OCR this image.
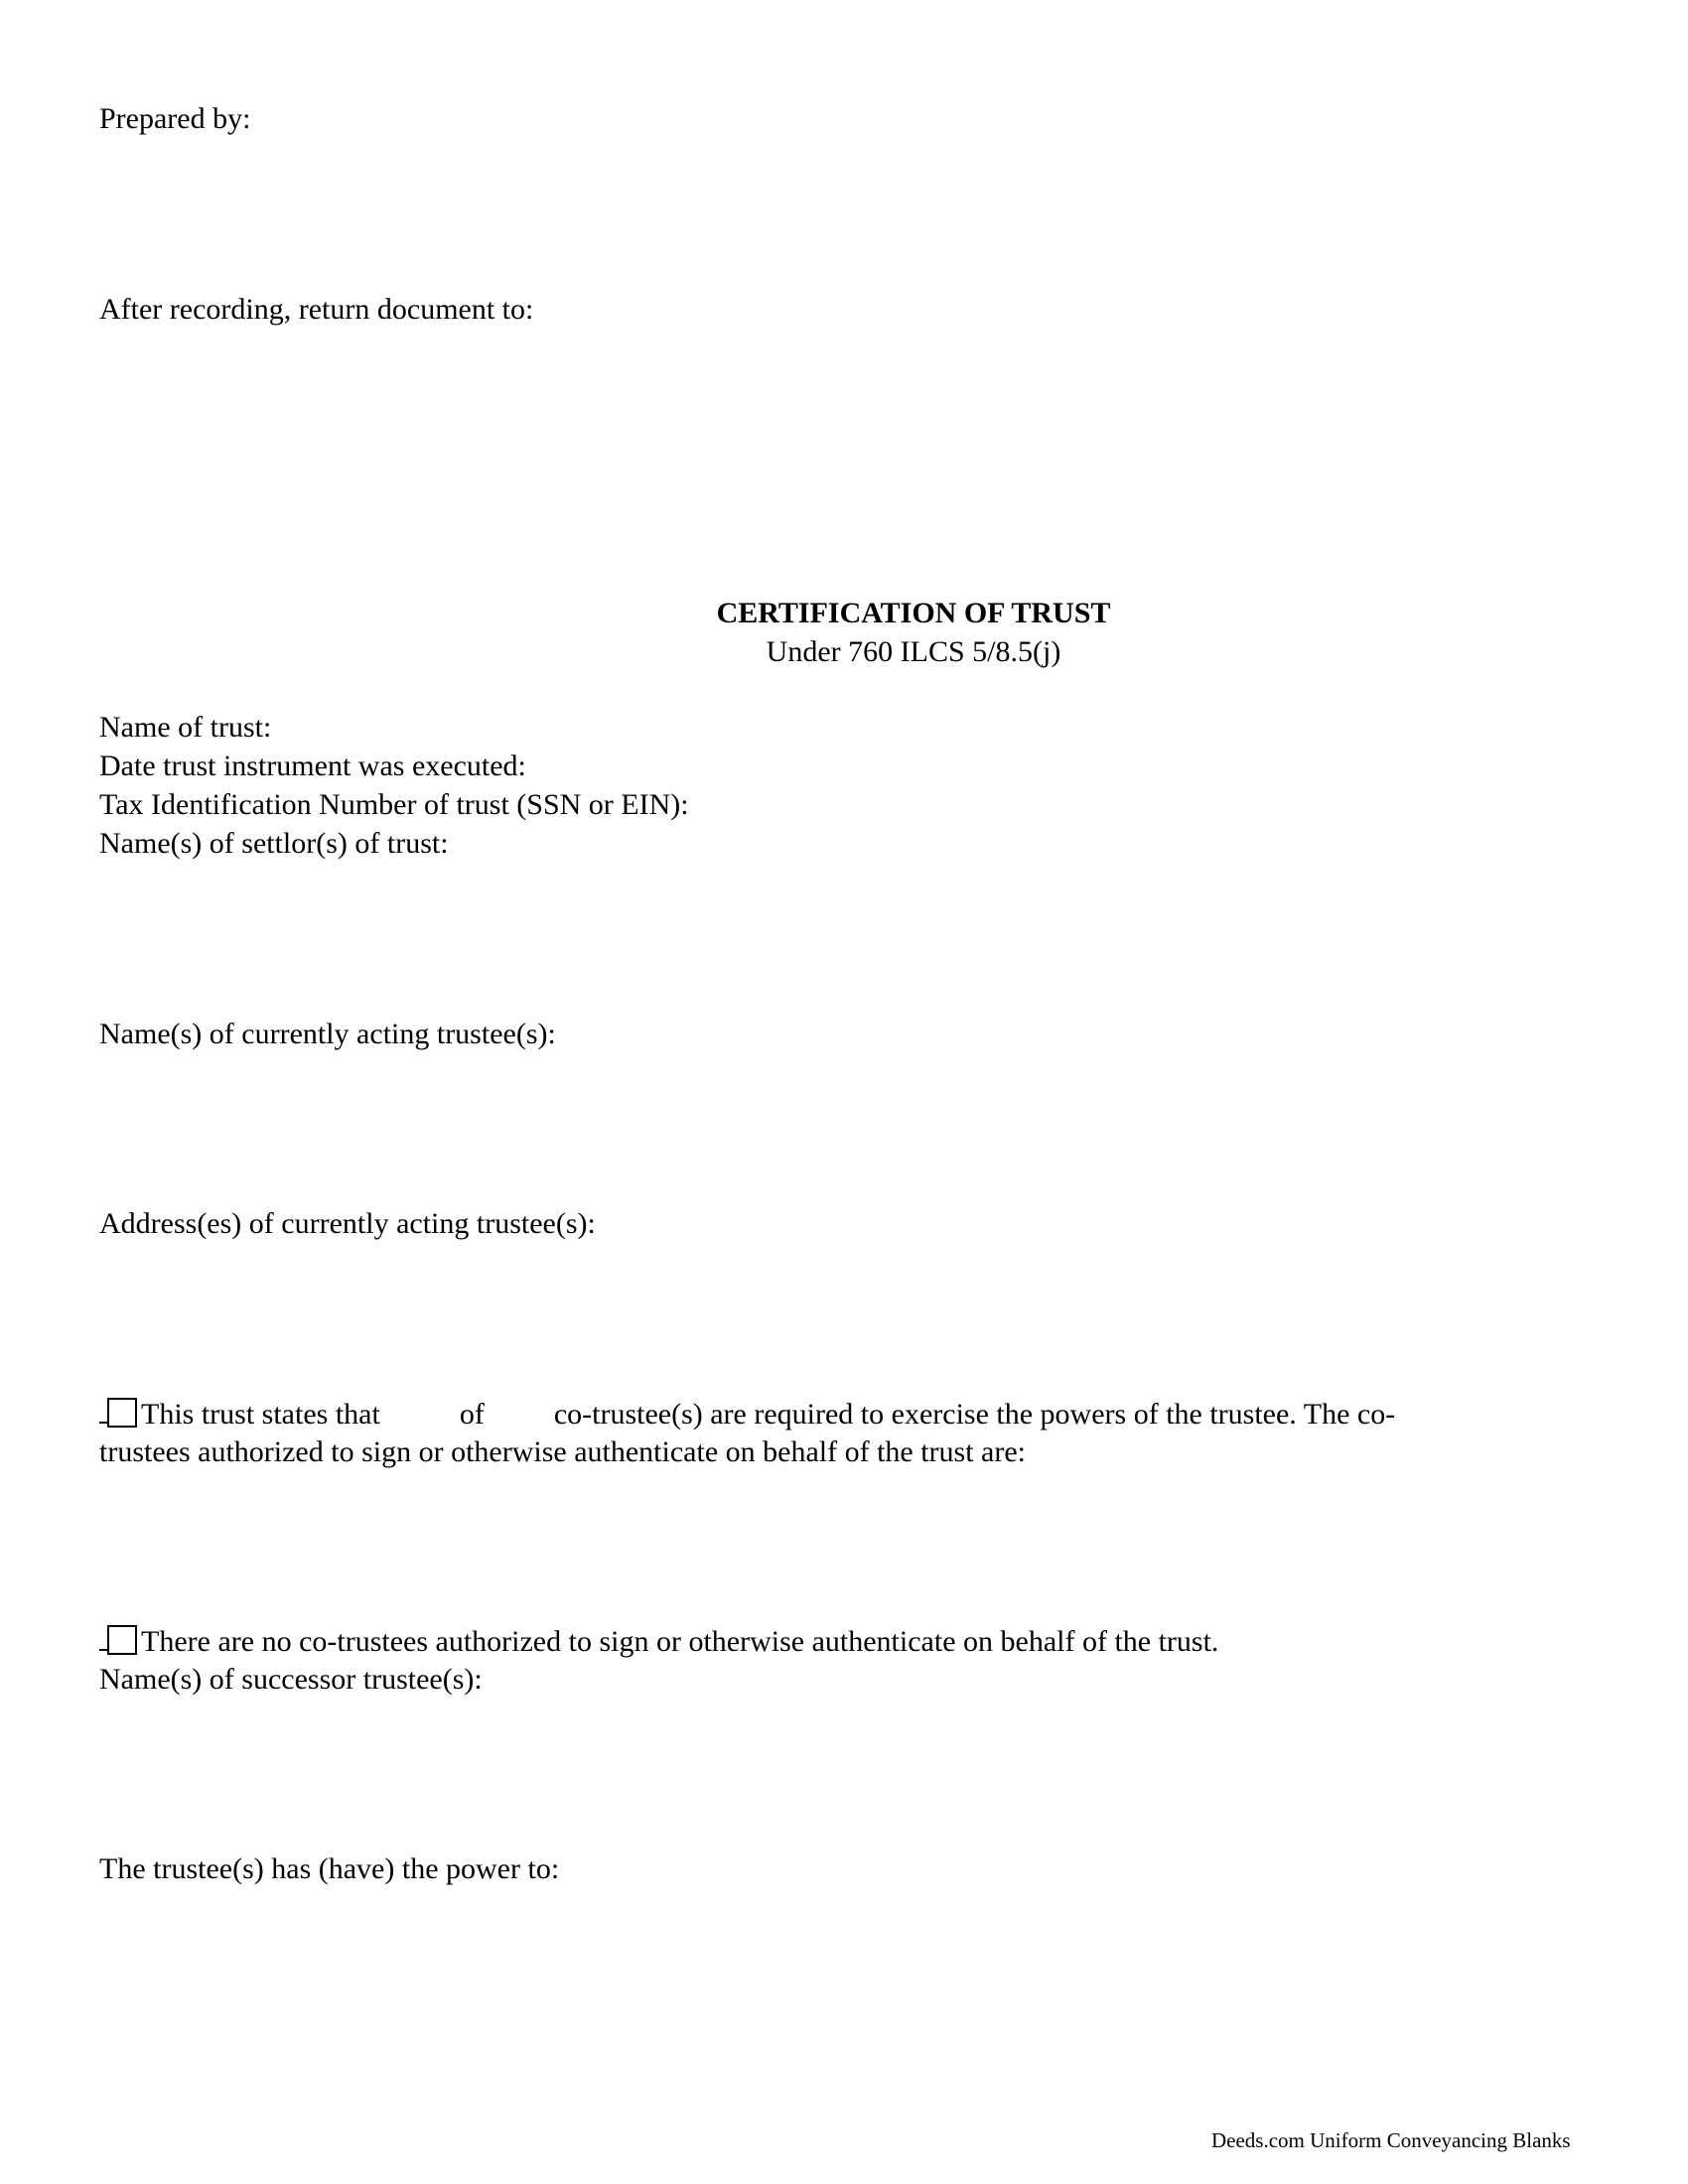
Prepared by:
After recording, return document to:
CERTIFICATION OF TRUST
Under 760 ILCS 5/8.5(j)
Name of trust:
Date trust instrument was executed:
Tax Identification Number of trust (SSN or EIN):
Name(s) of settlor(s) of trust:
Name(s) of currently acting trustee(s):
Address(es) of currently acting trustee(s):
This trust states that	of co-trustee(s) are required to exercise the powers of the trustee. The co-
trustees authorized to sign or otherwise authenticate on behalf of the trust are:
There are no co-trustees authorized to sign or otherwise authenticate on behalf of the trust.
Name(s) of successor trustee(s):
The trustee(s) has (have) the power to:
Deeds.com Uniform Conveyancing Blanks
